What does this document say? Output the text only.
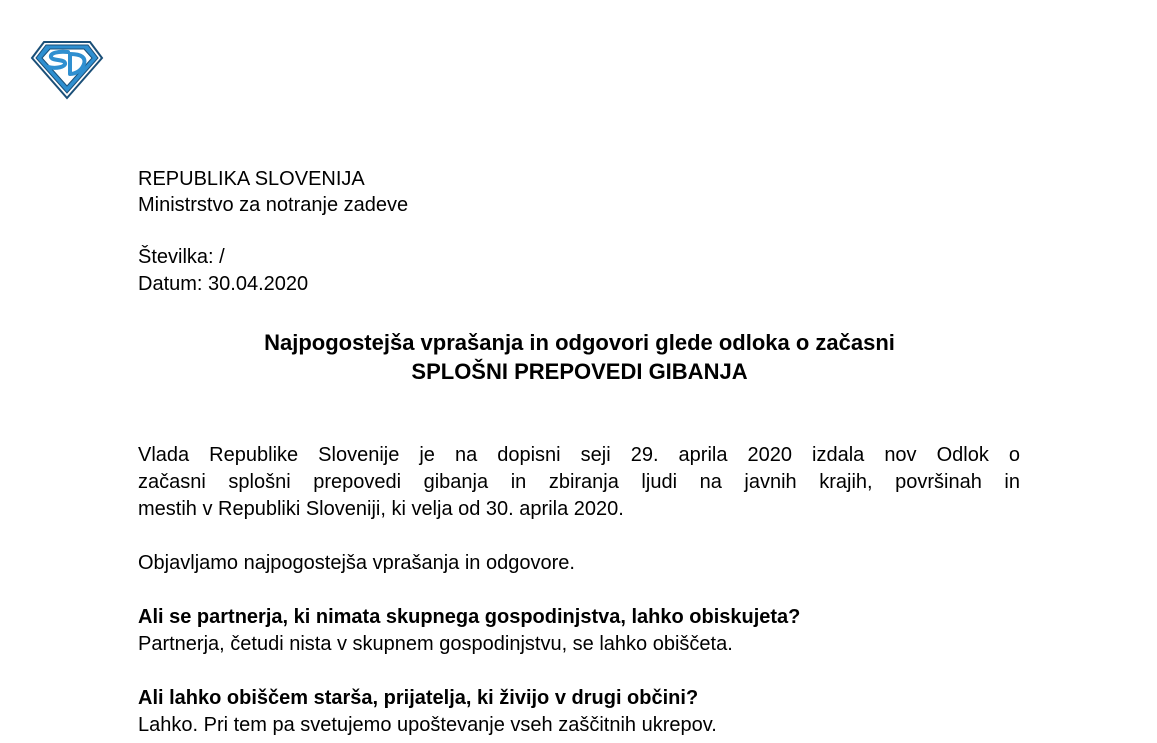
REPUBLIKA SLOVENIJA
Ministrstvo za notranje zadeve
Številka: /
Datum: 30.04.2020
Najpogostejša vprašanja in odgovori glede odloka o začasni
SPLOŠNI PREPOVEDI GIBANJA
Vlada Republike Slovenije je na dopisni seji 29. aprila 2020 izdala nov Odlok o
začasni splošni prepovedi gibanja in zbiranja ljudi na javnih krajih, površinah in
mestih v Republiki Sloveniji, ki velja od 30. aprila 2020.
Objavljamo najpogostejša vprašanja in odgovore.
Ali se partnerja, ki nimata skupnega gospodinjstva, lahko obiskujeta?
Partnerja, četudi nista v skupnem gospodinjstvu, se lahko obiščeta.
Ali lahko obiščem starša, prijatelja, ki živijo v drugi občini?
Lahko. Pri tem pa svetujemo upoštevanje vseh zaščitnih ukrepov.
